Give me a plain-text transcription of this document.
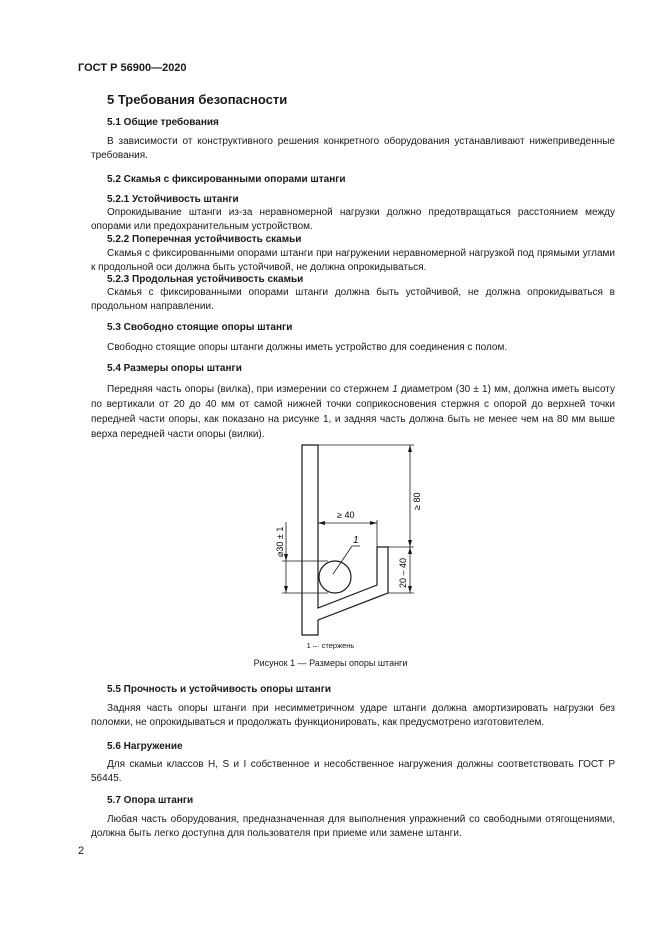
ГОСТ Р 56900—2020
5 Требования безопасности
5.1 Общие требования
В зависимости от конструктивного решения конкретного оборудования устанавливают нижеприведенные требования.
5.2 Скамья с фиксированными опорами штанги
5.2.1 Устойчивость штанги
Опрокидывание штанги из-за неравномерной нагрузки должно предотвращаться расстоянием между опорами или предохранительным устройством.
5.2.2 Поперечная устойчивость скамьи
Скамья с фиксированными опорами штанги при нагружении неравномерной нагрузкой под прямыми углами к продольной оси должна быть устойчивой, не должна опрокидываться.
5.2.3 Продольная устойчивость скамьи
Скамья с фиксированными опорами штанги должна быть устойчивой, не должна опрокидываться в продольном направлении.
5.3 Свободно стоящие опоры штанги
Свободно стоящие опоры штанги должны иметь устройство для соединения с полом.
5.4 Размеры опоры штанги
Передняя часть опоры (вилка), при измерении со стержнем 1 диаметром (30 ± 1) мм, должна иметь высоту по вертикали от 20 до 40 мм от самой нижней точки соприкосновения стержня с опорой до верхней точки передней части опоры, как показано на рисунке 1, и задняя часть должна быть не менее чем на 80 мм выше верха передней части опоры (вилки).
≥ 80
20 – 40
≥ 40
⌀30 ± 1	1
1 –· стержень
Рисунок 1 — Размеры опоры штанги
5.5 Прочность и устойчивость опоры штанги
Задняя часть опоры штанги при несимметричном ударе штанги должна амортизировать нагрузки без поломки, не опрокидываться и продолжать функционировать, как предусмотрено изготовителем.
5.6 Нагружение
Для скамьи классов H, S и I собственное и несобственное нагружения должны соответствовать ГОСТ Р 56445.
5.7 Опора штанги
Любая часть оборудования, предназначенная для выполнения упражнений со свободными отягощениями, должна быть легко доступна для пользователя при приеме или замене штанги.
2
